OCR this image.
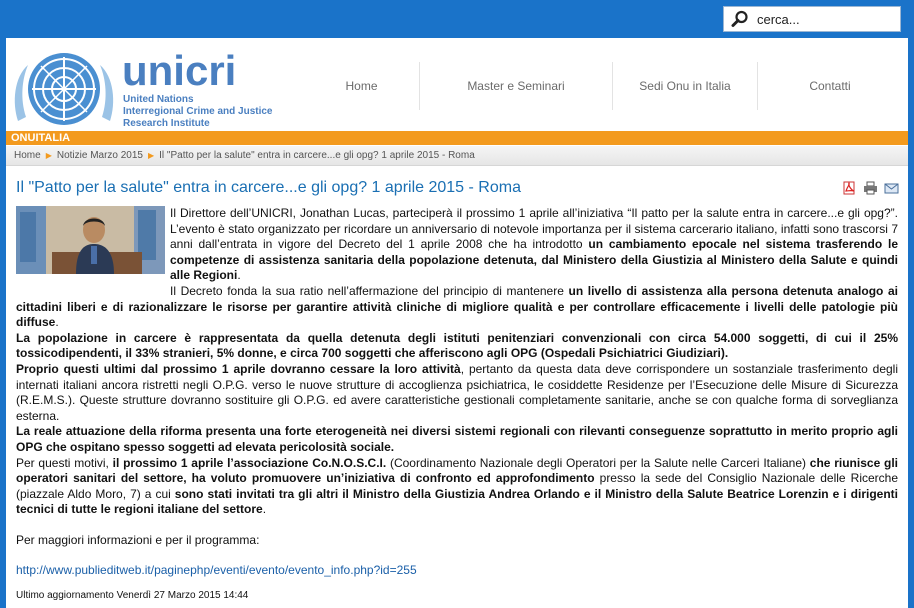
cerca...
unicri
United Nations
Interregional Crime and Justice
Research Institute
Home	Master e Seminari	Sedi Onu in Italia	Contatti
ONUITALIA
Home ▶ Notizie Marzo 2015 ▶ Il "Patto per la salute" entra in carcere...e gli opg? 1 aprile 2015 - Roma
Il "Patto per la salute" entra in carcere...e gli opg? 1 aprile 2015 - Roma

Il Direttore dell’UNICRI, Jonathan Lucas, parteciperà il prossimo 1 aprile all’iniziativa “Il patto per la salute entra in carcere...e gli opg?”. L’evento è stato organizzato per ricordare un anniversario di notevole importanza per il sistema carcerario italiano, infatti sono trascorsi 7 anni dall’entrata in vigore del Decreto del 1 aprile 2008 che ha introdotto un cambiamento epocale nel sistema trasferendo le competenze di assistenza sanitaria della popolazione detenuta, dal Ministero della Giustizia al Ministero della Salute e quindi alle Regioni.

Il Decreto fonda la sua ratio nell’affermazione del principio di mantenere un livello di assistenza alla persona detenuta analogo ai cittadini liberi e di razionalizzare le risorse per garantire attività cliniche di migliore qualità e per controllare efficacemente i livelli delle patologie più diffuse.

La popolazione in carcere è rappresentata da quella detenuta degli istituti penitenziari convenzionali con circa 54.000 soggetti, di cui il 25% tossicodipendenti, il 33% stranieri, 5% donne, e circa 700 soggetti che afferiscono agli OPG (Ospedali Psichiatrici Giudiziari).

Proprio questi ultimi dal prossimo 1 aprile dovranno cessare la loro attività, pertanto da questa data deve corrispondere un sostanziale trasferimento degli internati italiani ancora ristretti negli O.P.G. verso le nuove strutture di accoglienza psichiatrica, le cosiddette Residenze per l’Esecuzione delle Misure di Sicurezza (R.E.M.S.). Queste strutture dovranno sostituire gli O.P.G. ed avere caratteristiche gestionali completamente sanitarie, anche se con qualche forma di sorveglianza esterna.

La reale attuazione della riforma presenta una forte eterogeneità nei diversi sistemi regionali con rilevanti conseguenze soprattutto in merito proprio agli OPG che ospitano spesso soggetti ad elevata pericolosità sociale.

Per questi motivi, il prossimo 1 aprile l’associazione Co.N.O.S.C.I. (Coordinamento Nazionale degli Operatori per la Salute nelle Carceri Italiane) che riunisce gli operatori sanitari del settore, ha voluto promuovere un’iniziativa di confronto ed approfondimento presso la sede del Consiglio Nazionale delle Ricerche (piazzale Aldo Moro, 7) a cui sono stati invitati tra gli altri il Ministro della Giustizia Andrea Orlando e il Ministro della Salute Beatrice Lorenzin e i dirigenti tecnici di tutte le regioni italiane del settore.

Per maggiori informazioni e per il programma:

http://www.publieditweb.it/paginephp/eventi/evento/evento_info.php?id=255

Ultimo aggiornamento Venerdì 27 Marzo 2015 14:44
